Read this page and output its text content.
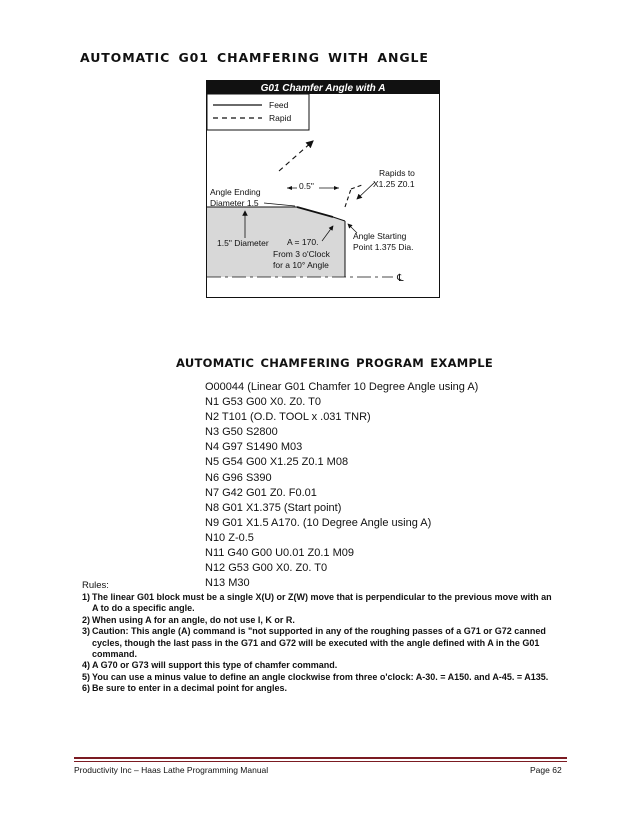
AUTOMATIC G01 CHAMFERING WITH ANGLE
G01 Chamfer Angle with A
Feed
Rapid
℄
0.5"
Rapids to
X1.25 Z0.1
Angle Ending
Diameter 1.5
1.5" Diameter A = 170.
From 3 o'Clock
for a 10° Angle
Angle Starting
Point 1.375 Dia.
AUTOMATIC CHAMFERING PROGRAM EXAMPLE
O00044 (Linear G01 Chamfer 10 Degree Angle using A)
N1 G53 G00 X0. Z0. T0
N2 T101 (O.D. TOOL x .031 TNR)
N3 G50 S2800
N4 G97 S1490 M03
N5 G54 G00 X1.25 Z0.1 M08
N6 G96 S390
N7 G42 G01 Z0. F0.01
N8 G01 X1.375 (Start point)
N9 G01 X1.5 A170. (10 Degree Angle using A)
N10 Z-0.5
N11 G40 G00 U0.01 Z0.1 M09
N12 G53 G00 X0. Z0. T0
N13 M30
Rules:
1) The linear G01 block must be a single X(U) or Z(W) move that is perpendicular to the previous move with an A to do a specific angle.
2) When using A for an angle, do not use I, K or R.
3) Caution: This angle (A) command is "not supported in any of the roughing passes of a G71 or G72 canned cycles, though the last pass in the G71 and G72 will be executed with the angle defined with A in the G01 command.
4) A G70 or G73 will support this type of chamfer command.
5) You can use a minus value to define an angle clockwise from three o'clock: A-30. = A150. and A-45. = A135.
6) Be sure to enter in a decimal point for angles.
Productivity Inc – Haas Lathe Programming Manual	Page 62
